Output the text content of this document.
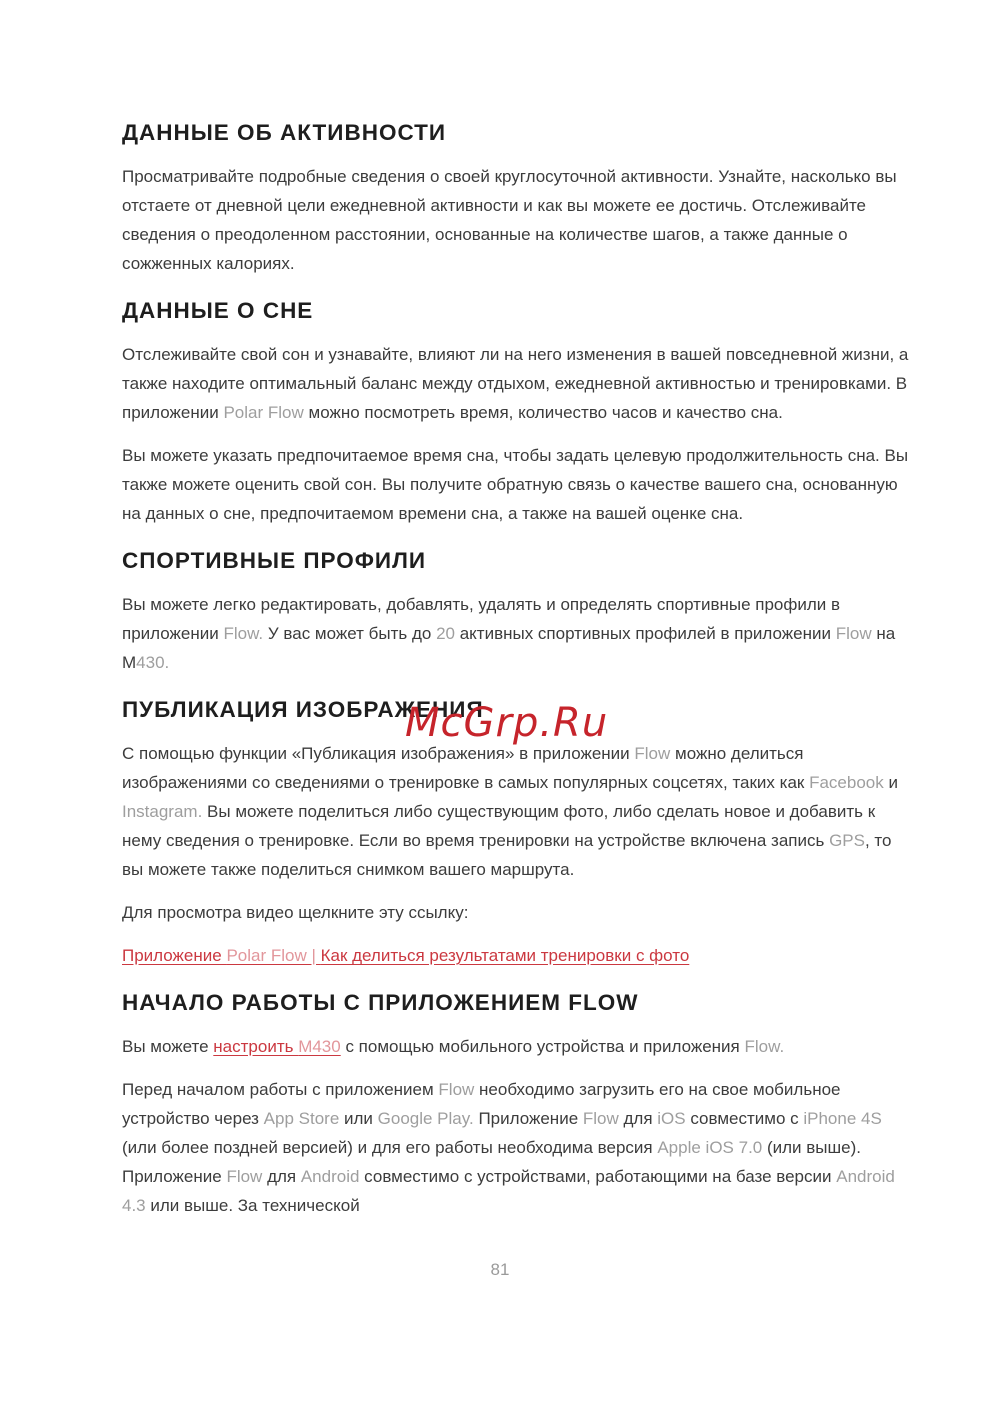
ДАННЫЕ ОБ АКТИВНОСТИ

Просматривайте подробные сведения о своей круглосуточной активности. Узнайте, насколько вы отстаете от дневной цели ежедневной активности и как вы можете ее достичь. Отслеживайте сведения о преодоленном расстоянии, основанные на количестве шагов, а также данные о сожженных калориях.

ДАННЫЕ О СНЕ

Отслеживайте свой сон и узнавайте, влияют ли на него изменения в вашей повседневной жизни, а также находите оптимальный баланс между отдыхом, ежедневной активностью и тренировками. В приложении Polar Flow можно посмотреть время, количество часов и качество сна.

Вы можете указать предпочитаемое время сна, чтобы задать целевую продолжительность сна. Вы также можете оценить свой сон. Вы получите обратную связь о качестве вашего сна, основанную на данных о сне, предпочитаемом времени сна, а также на вашей оценке сна.

СПОРТИВНЫЕ ПРОФИЛИ

Вы можете легко редактировать, добавлять, удалять и определять спортивные профили в приложении Flow. У вас может быть до 20 активных спортивных профилей в приложении Flow на М430.

ПУБЛИКАЦИЯ ИЗОБРАЖЕНИЯ

С помощью функции «Публикация изображения» в приложении Flow можно делиться изображениями со сведениями о тренировке в самых популярных соцсетях, таких как Facebook и Instagram. Вы можете поделиться либо существующим фото, либо сделать новое и добавить к нему сведения о тренировке. Если во время тренировки на устройстве включена запись GPS, то вы можете также поделиться снимком вашего маршрута.

Для просмотра видео щелкните эту ссылку:

Приложение Polar Flow | Как делиться результатами тренировки с фото

НАЧАЛО РАБОТЫ С ПРИЛОЖЕНИЕМ FLOW

Вы можете настроить M430 с помощью мобильного устройства и приложения Flow.

Перед началом работы с приложением Flow необходимо загрузить его на свое мобильное устройство через App Store или Google Play. Приложение Flow для iOS совместимо с iPhone 4S (или более поздней версией) и для его работы необходима версия Apple iOS 7.0 (или выше). Приложение Flow для Android совместимо с устройствами, работающими на базе версии Android 4.3 или выше. За технической

McGrp.Ru
81
